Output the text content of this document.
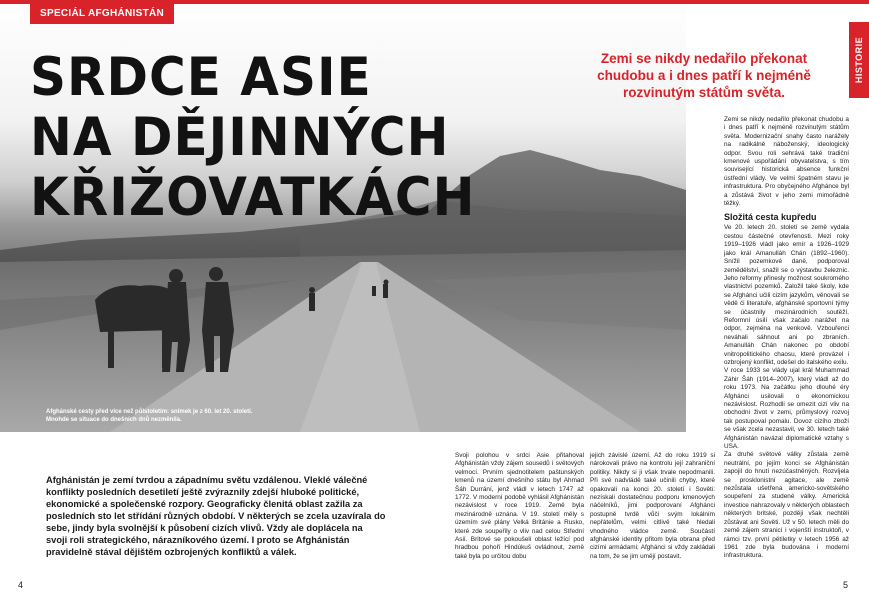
SPECIÁL AFGHÁNISTÁN
SRDCE ASIE
NA DĚJINNÝCH
KŘIŽOVATKÁCH

Zemi se nikdy nedařilo překonat chudobu a i dnes patří k nejméně rozvinutým státům světa.

HISTORIE
Afghánské cesty před více než půlstoletím: snímek je z 60. let 20. století. Mnohde se situace do dnešních dnů nezměnila.

Afghánistán je zemí tvrdou a západnímu světu vzdálenou. Vleklé válečné konflikty posledních desetiletí ještě zvýraznily zdejší hluboké politické, ekonomické a společenské rozpory. Geograficky členitá oblast zažila za posledních sto let střídání různých období. V některých se zcela uzavírala do sebe, jindy byla svolnější k působení cizích vlivů. Vždy ale doplácela na svoji roli strategického, nárazníkového území. I proto se Afghánistán pravidelně stával dějištěm ozbrojených konfliktů a válek.

Svoji polohou v srdci Asie přitahoval Afghánistán vždy zájem sousedů i světových velmocí. Prvním sjednotitelem paštunských kmenů na území dnešního státu byl Ahmad Šáh Durrání, jenž vládl v letech 1747 až 1772. V moderní podobě vyhlásil Afghánistán nezávislost v roce 1919. Země byla mezinárodně uznána. V 19. století měly s územím své plány Velká Británie a Rusko, které zde soupeřily o vliv nad celou Střední Asií. Britové se pokoušeli oblast ležící pod hradbou pohoří Hindúkuš ovládnout, země také byla po určitou dobu

jejich závislé území. Až do roku 1919 si nárokovali právo na kontrolu její zahraniční politiky. Nikdy si ji však trvale nepodmanili. Při své nadvládě také učinili chyby, které opakovali na konci 20. století i Sověti: nezískali dostatečnou podporu kmenových náčelníků, jimi podporovaní Afghánci postupně tvrdě vůči svým lokálním nepřátelům, velmi citlivě také hledali vhodného vládce země. Součástí afghánské identity přitom byla obrana před cizími armádami; Afghánci si vždy zakládali na tom, že se jim umějí postavit.

Zemi se nikdy nedařilo překonat chudobu a i dnes patří k nejméně rozvinutým státům světa. Modernizační snahy často narážely na radikálně náboženský, ideologický odpor. Svou roli sehrává také tradiční kmenové uspořádání obyvatelstva, s tím související historická absence funkční ústřední vlády. Ve velmi špatném stavu je infrastruktura. Pro obyčejného Afghánce byl a zůstává život v jeho zemi mimořádně těžký.

Složitá cesta kupředu

Ve 20. letech 20. století se země vydala cestou částečné otevřenosti. Mezi roky 1919–1926 vládl jako emír a 1926–1929 jako král Amanulláh Chán (1892–1960). Snížil pozemkové daně, podporoval zemědělství, snažil se o výstavbu železnic. Jeho reformy přinesly možnost soukromého vlastnictví pozemků. Založil také školy, kde se Afghánci učili cizím jazykům, věnovali se vědě či literatuře, afghánské sportovní týmy se účastnily mezinárodních soutěží. Reformní úsilí však začalo narážet na odpor, zejména na venkově. Vzbouřenci neváhali sáhnout ani po zbraních. Amanulláh Chán nakonec po období vnitropolitického chaosu, které provázel i ozbrojený konflikt, odešel do italského exilu.

V roce 1933 se vlády ujal král Muhammad Záhir Šáh (1914–2007), který vládl až do roku 1973. Na začátku jeho dlouhé éry Afghánci usilovali o ekonomickou nezávislost. Rozhodli se omezit cizí vliv na obchodní život v zemi, průmyslový rozvoj tak postupoval pomalu. Dovoz cizího zboží se však zcela nezastavil, ve 30. letech také Afghánistán navázal diplomatické vztahy s USA.

Za druhé světové války zůstala země neutrální, po jejím konci se Afghánistán zapojil do hnutí nezúčastněných. Rozvíjela se prosklonistní agitace, ale země nezůstala ušetřena americko-sovětského soupeření za studené války. Americká investice nahrazovaly v některých oblastech některých britské, později však nechtěli zůstávat ani Sověti. Už v 50. letech měli do země zájem stranicí i vojenští instruktoři, v rámci tzv. první pětiletky v letech 1956 až 1961 zde byla budována i moderní infrastruktura.

4	5
